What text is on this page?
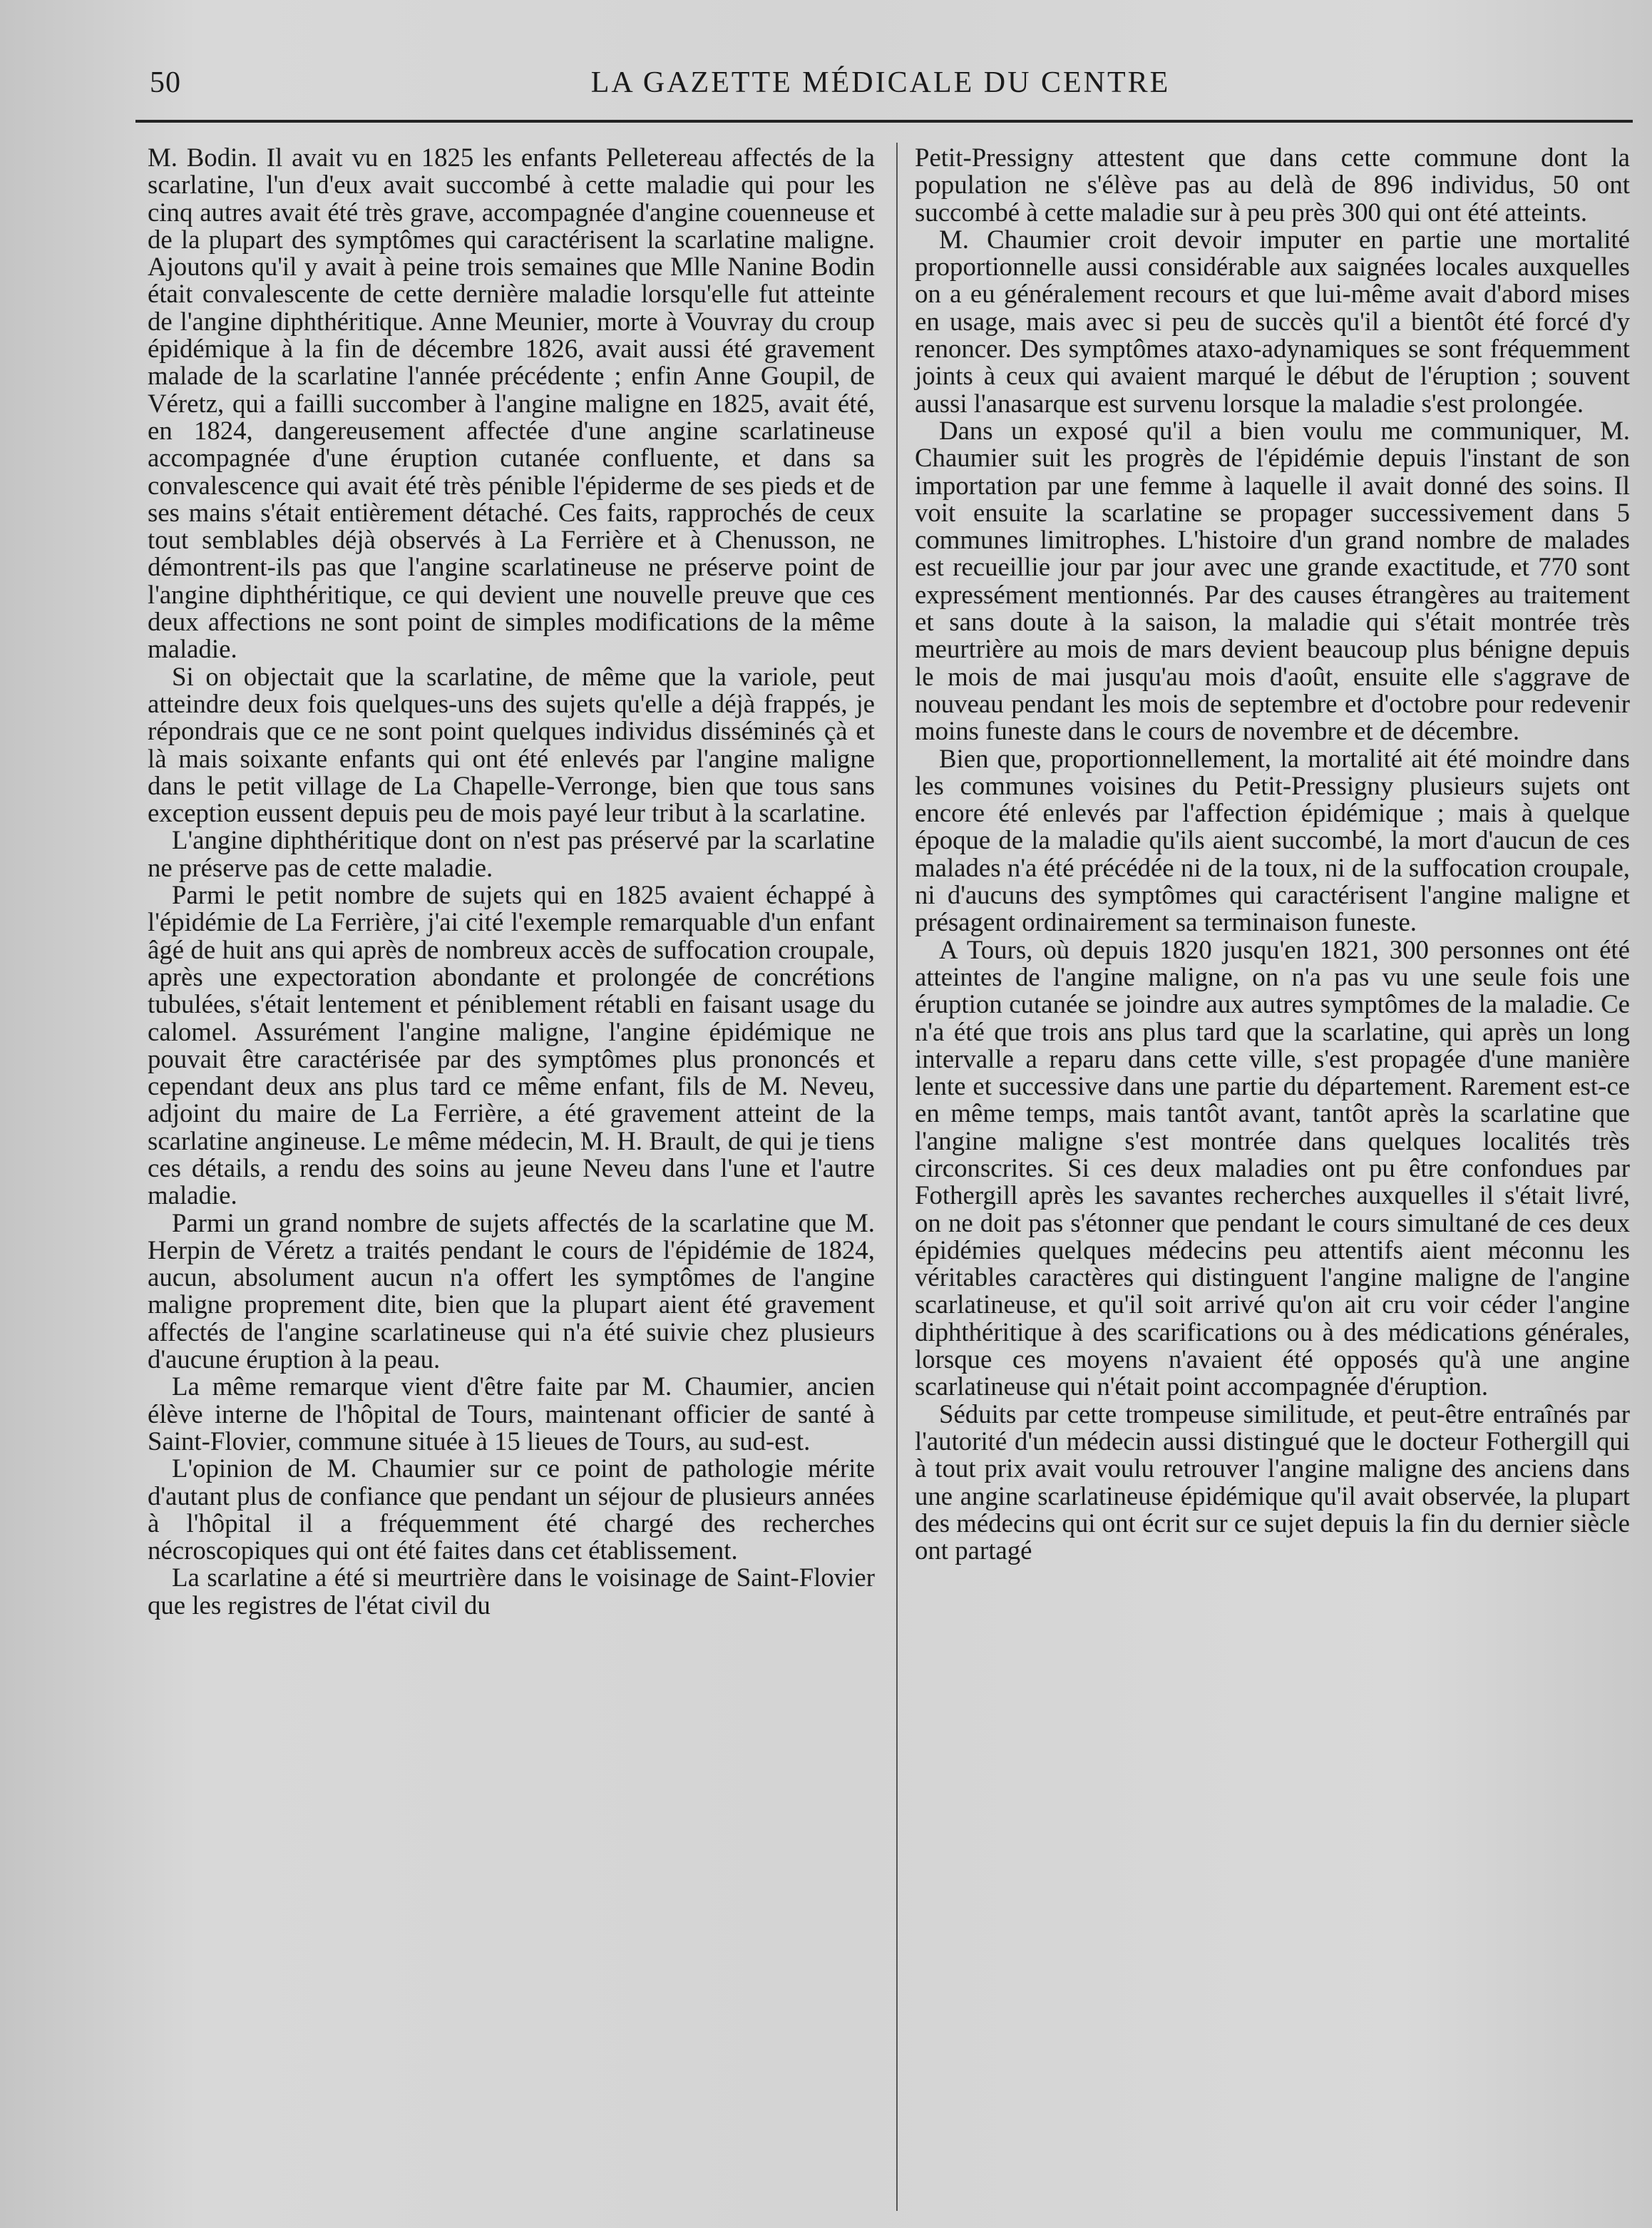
50	LA GAZETTE MÉDICALE DU CENTRE

M. Bodin. Il avait vu en 1825 les enfants Pelletereau affectés de la scarlatine, l'un d'eux avait succombé à cette maladie qui pour les cinq autres avait été très grave, accompagnée d'angine couenneuse et de la plupart des symptômes qui caractérisent la scarlatine maligne. Ajoutons qu'il y avait à peine trois semaines que Mlle Nanine Bodin était convalescente de cette dernière maladie lorsqu'elle fut atteinte de l'angine diphthéritique. Anne Meunier, morte à Vouvray du croup épidémique à la fin de décembre 1826, avait aussi été gravement malade de la scarlatine l'année précédente ; enfin Anne Goupil, de Véretz, qui a failli succomber à l'angine maligne en 1825, avait été, en 1824, dangereusement affectée d'une angine scarlatineuse accompagnée d'une éruption cutanée confluente, et dans sa convalescence qui avait été très pénible l'épiderme de ses pieds et de ses mains s'était entièrement détaché. Ces faits, rapprochés de ceux tout semblables déjà observés à La Ferrière et à Chenusson, ne démontrent-ils pas que l'angine scarlatineuse ne préserve point de l'angine diphthéritique, ce qui devient une nouvelle preuve que ces deux affections ne sont point de simples modifications de la même maladie.

Si on objectait que la scarlatine, de même que la variole, peut atteindre deux fois quelques-uns des sujets qu'elle a déjà frappés, je répondrais que ce ne sont point quelques individus disséminés çà et là mais soixante enfants qui ont été enlevés par l'angine maligne dans le petit village de La Chapelle-Verronge, bien que tous sans exception eussent depuis peu de mois payé leur tribut à la scarlatine.

L'angine diphthéritique dont on n'est pas préservé par la scarlatine ne préserve pas de cette maladie.

Parmi le petit nombre de sujets qui en 1825 avaient échappé à l'épidémie de La Ferrière, j'ai cité l'exemple remarquable d'un enfant âgé de huit ans qui après de nombreux accès de suffocation croupale, après une expectoration abondante et prolongée de concrétions tubulées, s'était lentement et péniblement rétabli en faisant usage du calomel. Assurément l'angine maligne, l'angine épidémique ne pouvait être caractérisée par des symptômes plus prononcés et cependant deux ans plus tard ce même enfant, fils de M. Neveu, adjoint du maire de La Ferrière, a été gravement atteint de la scarlatine angineuse. Le même médecin, M. H. Brault, de qui je tiens ces détails, a rendu des soins au jeune Neveu dans l'une et l'autre maladie.

Parmi un grand nombre de sujets affectés de la scarlatine que M. Herpin de Véretz a traités pendant le cours de l'épidémie de 1824, aucun, absolument aucun n'a offert les symptômes de l'angine maligne proprement dite, bien que la plupart aient été gravement affectés de l'angine scarlatineuse qui n'a été suivie chez plusieurs d'aucune éruption à la peau.

La même remarque vient d'être faite par M. Chaumier, ancien élève interne de l'hôpital de Tours, maintenant officier de santé à Saint-Flovier, commune située à 15 lieues de Tours, au sud-est.

L'opinion de M. Chaumier sur ce point de pathologie mérite d'autant plus de confiance que pendant un séjour de plusieurs années à l'hôpital il a fréquemment été chargé des recherches nécroscopiques qui ont été faites dans cet établissement.

La scarlatine a été si meurtrière dans le voisinage de Saint-Flovier que les registres de l'état civil du

Petit-Pressigny attestent que dans cette commune dont la population ne s'élève pas au delà de 896 individus, 50 ont succombé à cette maladie sur à peu près 300 qui ont été atteints.

M. Chaumier croit devoir imputer en partie une mortalité proportionnelle aussi considérable aux saignées locales auxquelles on a eu généralement recours et que lui-même avait d'abord mises en usage, mais avec si peu de succès qu'il a bientôt été forcé d'y renoncer. Des symptômes ataxo-adynamiques se sont fréquemment joints à ceux qui avaient marqué le début de l'éruption ; souvent aussi l'anasarque est survenu lorsque la maladie s'est prolongée.

Dans un exposé qu'il a bien voulu me communiquer, M. Chaumier suit les progrès de l'épidémie depuis l'instant de son importation par une femme à laquelle il avait donné des soins. Il voit ensuite la scarlatine se propager successivement dans 5 communes limitrophes. L'histoire d'un grand nombre de malades est recueillie jour par jour avec une grande exactitude, et 770 sont expressément mentionnés. Par des causes étrangères au traitement et sans doute à la saison, la maladie qui s'était montrée très meurtrière au mois de mars devient beaucoup plus bénigne depuis le mois de mai jusqu'au mois d'août, ensuite elle s'aggrave de nouveau pendant les mois de septembre et d'octobre pour redevenir moins funeste dans le cours de novembre et de décembre.

Bien que, proportionnellement, la mortalité ait été moindre dans les communes voisines du Petit-Pressigny plusieurs sujets ont encore été enlevés par l'affection épidémique ; mais à quelque époque de la maladie qu'ils aient succombé, la mort d'aucun de ces malades n'a été précédée ni de la toux, ni de la suffocation croupale, ni d'aucuns des symptômes qui caractérisent l'angine maligne et présagent ordinairement sa terminaison funeste.

A Tours, où depuis 1820 jusqu'en 1821, 300 personnes ont été atteintes de l'angine maligne, on n'a pas vu une seule fois une éruption cutanée se joindre aux autres symptômes de la maladie. Ce n'a été que trois ans plus tard que la scarlatine, qui après un long intervalle a reparu dans cette ville, s'est propagée d'une manière lente et successive dans une partie du département. Rarement est-ce en même temps, mais tantôt avant, tantôt après la scarlatine que l'angine maligne s'est montrée dans quelques localités très circonscrites. Si ces deux maladies ont pu être confondues par Fothergill après les savantes recherches auxquelles il s'était livré, on ne doit pas s'étonner que pendant le cours simultané de ces deux épidémies quelques médecins peu attentifs aient méconnu les véritables caractères qui distinguent l'angine maligne de l'angine scarlatineuse, et qu'il soit arrivé qu'on ait cru voir céder l'angine diphthéritique à des scarifications ou à des médications générales, lorsque ces moyens n'avaient été opposés qu'à une angine scarlatineuse qui n'était point accompagnée d'éruption.

Séduits par cette trompeuse similitude, et peut-être entraînés par l'autorité d'un médecin aussi distingué que le docteur Fothergill qui à tout prix avait voulu retrouver l'angine maligne des anciens dans une angine scarlatineuse épidémique qu'il avait observée, la plupart des médecins qui ont écrit sur ce sujet depuis la fin du dernier siècle ont partagé
